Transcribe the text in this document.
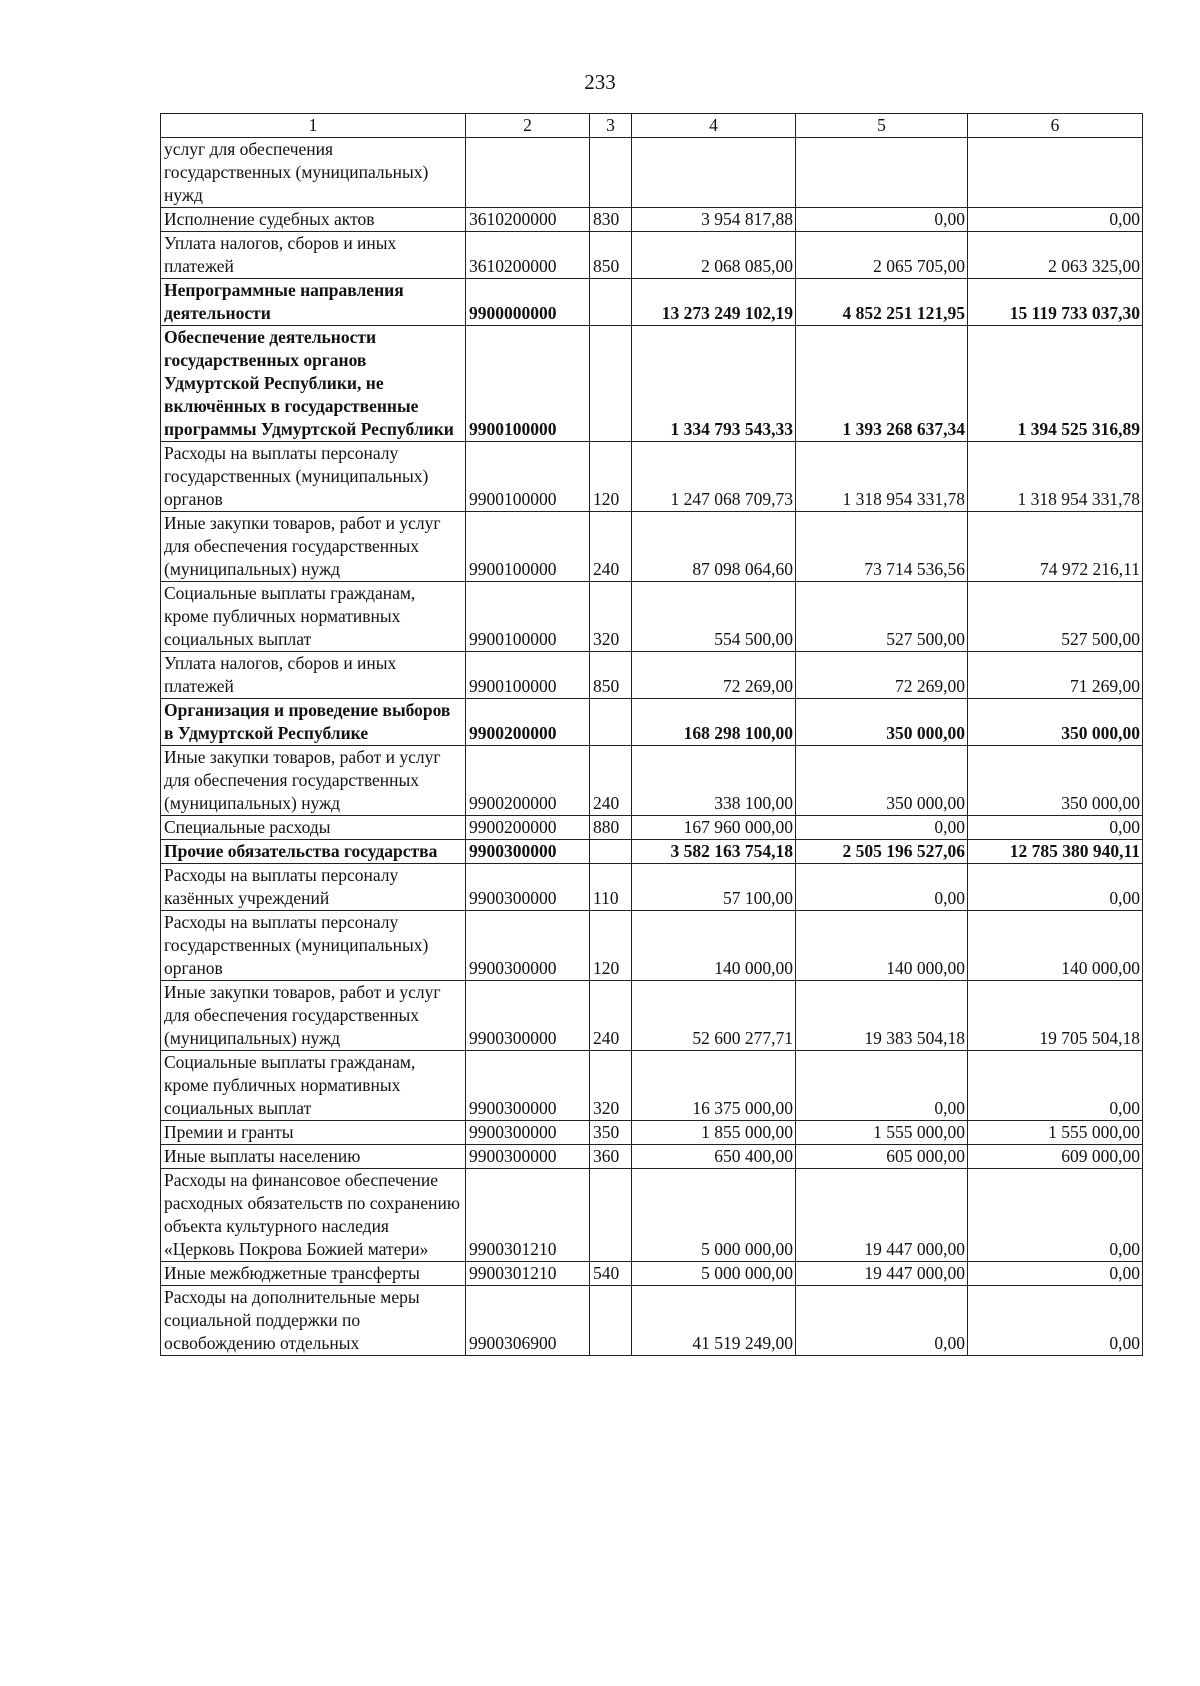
233
1	2	3	4	5	6
услуг для обеспечения государственных (муниципальных) нужд					
Исполнение судебных актов	3610200000	830	3 954 817,88	0,00	0,00
Уплата налогов, сборов и иных платежей	3610200000	850	2 068 085,00	2 065 705,00	2 063 325,00
Непрограммные направления деятельности	9900000000		13 273 249 102,19	4 852 251 121,95	15 119 733 037,30
Обеспечение деятельности государственных органов Удмуртской Республики, не включённых в государственные программы Удмуртской Республики	9900100000		1 334 793 543,33	1 393 268 637,34	1 394 525 316,89
Расходы на выплаты персоналу государственных (муниципальных) органов	9900100000	120	1 247 068 709,73	1 318 954 331,78	1 318 954 331,78
Иные закупки товаров, работ и услуг для обеспечения государственных (муниципальных) нужд	9900100000	240	87 098 064,60	73 714 536,56	74 972 216,11
Социальные выплаты гражданам, кроме публичных нормативных социальных выплат	9900100000	320	554 500,00	527 500,00	527 500,00
Уплата налогов, сборов и иных платежей	9900100000	850	72 269,00	72 269,00	71 269,00
Организация и проведение выборов в Удмуртской Республике	9900200000		168 298 100,00	350 000,00	350 000,00
Иные закупки товаров, работ и услуг для обеспечения государственных (муниципальных) нужд	9900200000	240	338 100,00	350 000,00	350 000,00
Специальные расходы	9900200000	880	167 960 000,00	0,00	0,00
Прочие обязательства государства	9900300000		3 582 163 754,18	2 505 196 527,06	12 785 380 940,11
Расходы на выплаты персоналу казённых учреждений	9900300000	110	57 100,00	0,00	0,00
Расходы на выплаты персоналу государственных (муниципальных) органов	9900300000	120	140 000,00	140 000,00	140 000,00
Иные закупки товаров, работ и услуг для обеспечения государственных (муниципальных) нужд	9900300000	240	52 600 277,71	19 383 504,18	19 705 504,18
Социальные выплаты гражданам, кроме публичных нормативных социальных выплат	9900300000	320	16 375 000,00	0,00	0,00
Премии и гранты	9900300000	350	1 855 000,00	1 555 000,00	1 555 000,00
Иные выплаты населению	9900300000	360	650 400,00	605 000,00	609 000,00
Расходы на финансовое обеспечение расходных обязательств по сохранению объекта культурного наследия «Церковь Покрова Божией матери»	9900301210		5 000 000,00	19 447 000,00	0,00
Иные межбюджетные трансферты	9900301210	540	5 000 000,00	19 447 000,00	0,00
Расходы на дополнительные меры социальной поддержки по освобождению отдельных	9900306900		41 519 249,00	0,00	0,00
